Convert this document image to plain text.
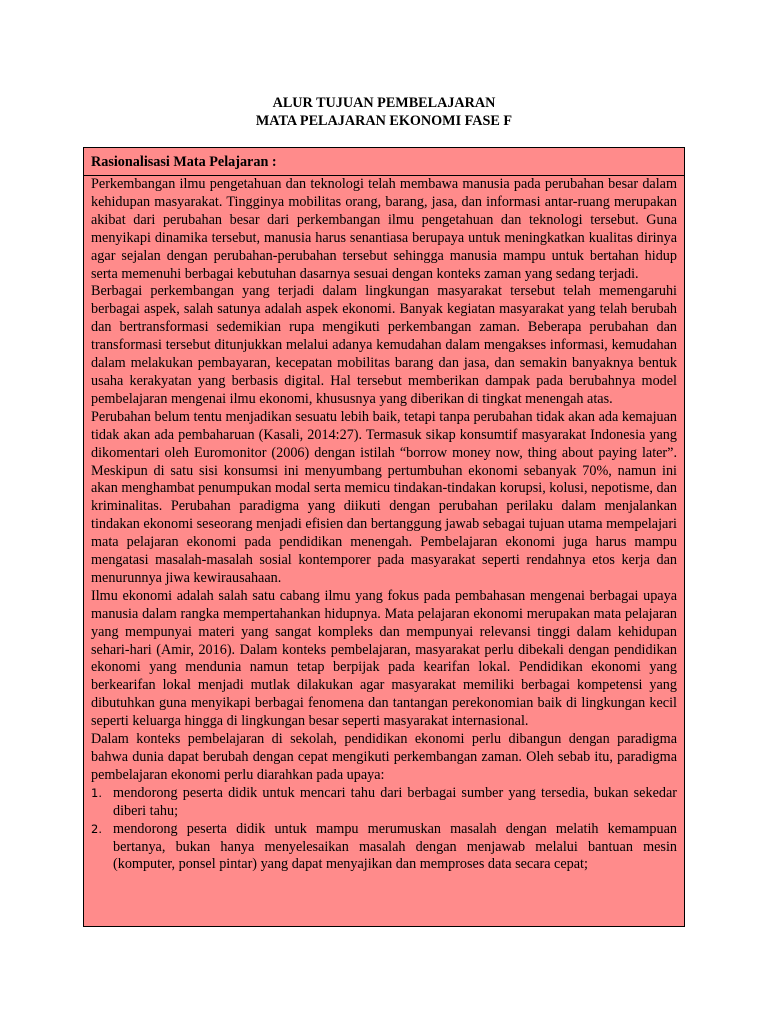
ALUR TUJUAN PEMBELAJARAN
MATA PELAJARAN EKONOMI FASE F
Rasionalisasi Mata Pelajaran :

Perkembangan ilmu pengetahuan dan teknologi telah membawa manusia pada perubahan besar dalam kehidupan masyarakat. Tingginya mobilitas orang, barang, jasa, dan informasi antar-ruang merupakan akibat dari perubahan besar dari perkembangan ilmu pengetahuan dan teknologi tersebut. Guna menyikapi dinamika tersebut, manusia harus senantiasa berupaya untuk meningkatkan kualitas dirinya agar sejalan dengan perubahan-perubahan tersebut sehingga manusia mampu untuk bertahan hidup serta memenuhi berbagai kebutuhan dasarnya sesuai dengan konteks zaman yang sedang terjadi.

Berbagai perkembangan yang terjadi dalam lingkungan masyarakat tersebut telah memengaruhi berbagai aspek, salah satunya adalah aspek ekonomi. Banyak kegiatan masyarakat yang telah berubah dan bertransformasi sedemikian rupa mengikuti perkembangan zaman. Beberapa perubahan dan transformasi tersebut ditunjukkan melalui adanya kemudahan dalam mengakses informasi, kemudahan dalam melakukan pembayaran, kecepatan mobilitas barang dan jasa, dan semakin banyaknya bentuk usaha kerakyatan yang berbasis digital. Hal tersebut memberikan dampak pada berubahnya model pembelajaran mengenai ilmu ekonomi, khususnya yang diberikan di tingkat menengah atas.

Perubahan belum tentu menjadikan sesuatu lebih baik, tetapi tanpa perubahan tidak akan ada kemajuan tidak akan ada pembaharuan (Kasali, 2014:27). Termasuk sikap konsumtif masyarakat Indonesia yang dikomentari oleh Euromonitor (2006) dengan istilah “borrow money now, thing about paying later”. Meskipun di satu sisi konsumsi ini menyumbang pertumbuhan ekonomi sebanyak 70%, namun ini akan menghambat penumpukan modal serta memicu tindakan-tindakan korupsi, kolusi, nepotisme, dan kriminalitas. Perubahan paradigma yang diikuti dengan perubahan perilaku dalam menjalankan tindakan ekonomi seseorang menjadi efisien dan bertanggung jawab sebagai tujuan utama mempelajari mata pelajaran ekonomi pada pendidikan menengah. Pembelajaran ekonomi juga harus mampu mengatasi masalah-masalah sosial kontemporer pada masyarakat seperti rendahnya etos kerja dan menurunnya jiwa kewirausahaan.

Ilmu ekonomi adalah salah satu cabang ilmu yang fokus pada pembahasan mengenai berbagai upaya manusia dalam rangka mempertahankan hidupnya. Mata pelajaran ekonomi merupakan mata pelajaran yang mempunyai materi yang sangat kompleks dan mempunyai relevansi tinggi dalam kehidupan sehari-hari (Amir, 2016). Dalam konteks pembelajaran, masyarakat perlu dibekali dengan pendidikan ekonomi yang mendunia namun tetap berpijak pada kearifan lokal. Pendidikan ekonomi yang berkearifan lokal menjadi mutlak dilakukan agar masyarakat memiliki berbagai kompetensi yang dibutuhkan guna menyikapi berbagai fenomena dan tantangan perekonomian baik di lingkungan kecil seperti keluarga hingga di lingkungan besar seperti masyarakat internasional.

Dalam konteks pembelajaran di sekolah, pendidikan ekonomi perlu dibangun dengan paradigma bahwa dunia dapat berubah dengan cepat mengikuti perkembangan zaman. Oleh sebab itu, paradigma pembelajaran ekonomi perlu diarahkan pada upaya:

1. mendorong peserta didik untuk mencari tahu dari berbagai sumber yang tersedia, bukan sekedar diberi tahu;
2. mendorong peserta didik untuk mampu merumuskan masalah dengan melatih kemampuan bertanya, bukan hanya menyelesaikan masalah dengan menjawab melalui bantuan mesin (komputer, ponsel pintar) yang dapat menyajikan dan memproses data secara cepat;
